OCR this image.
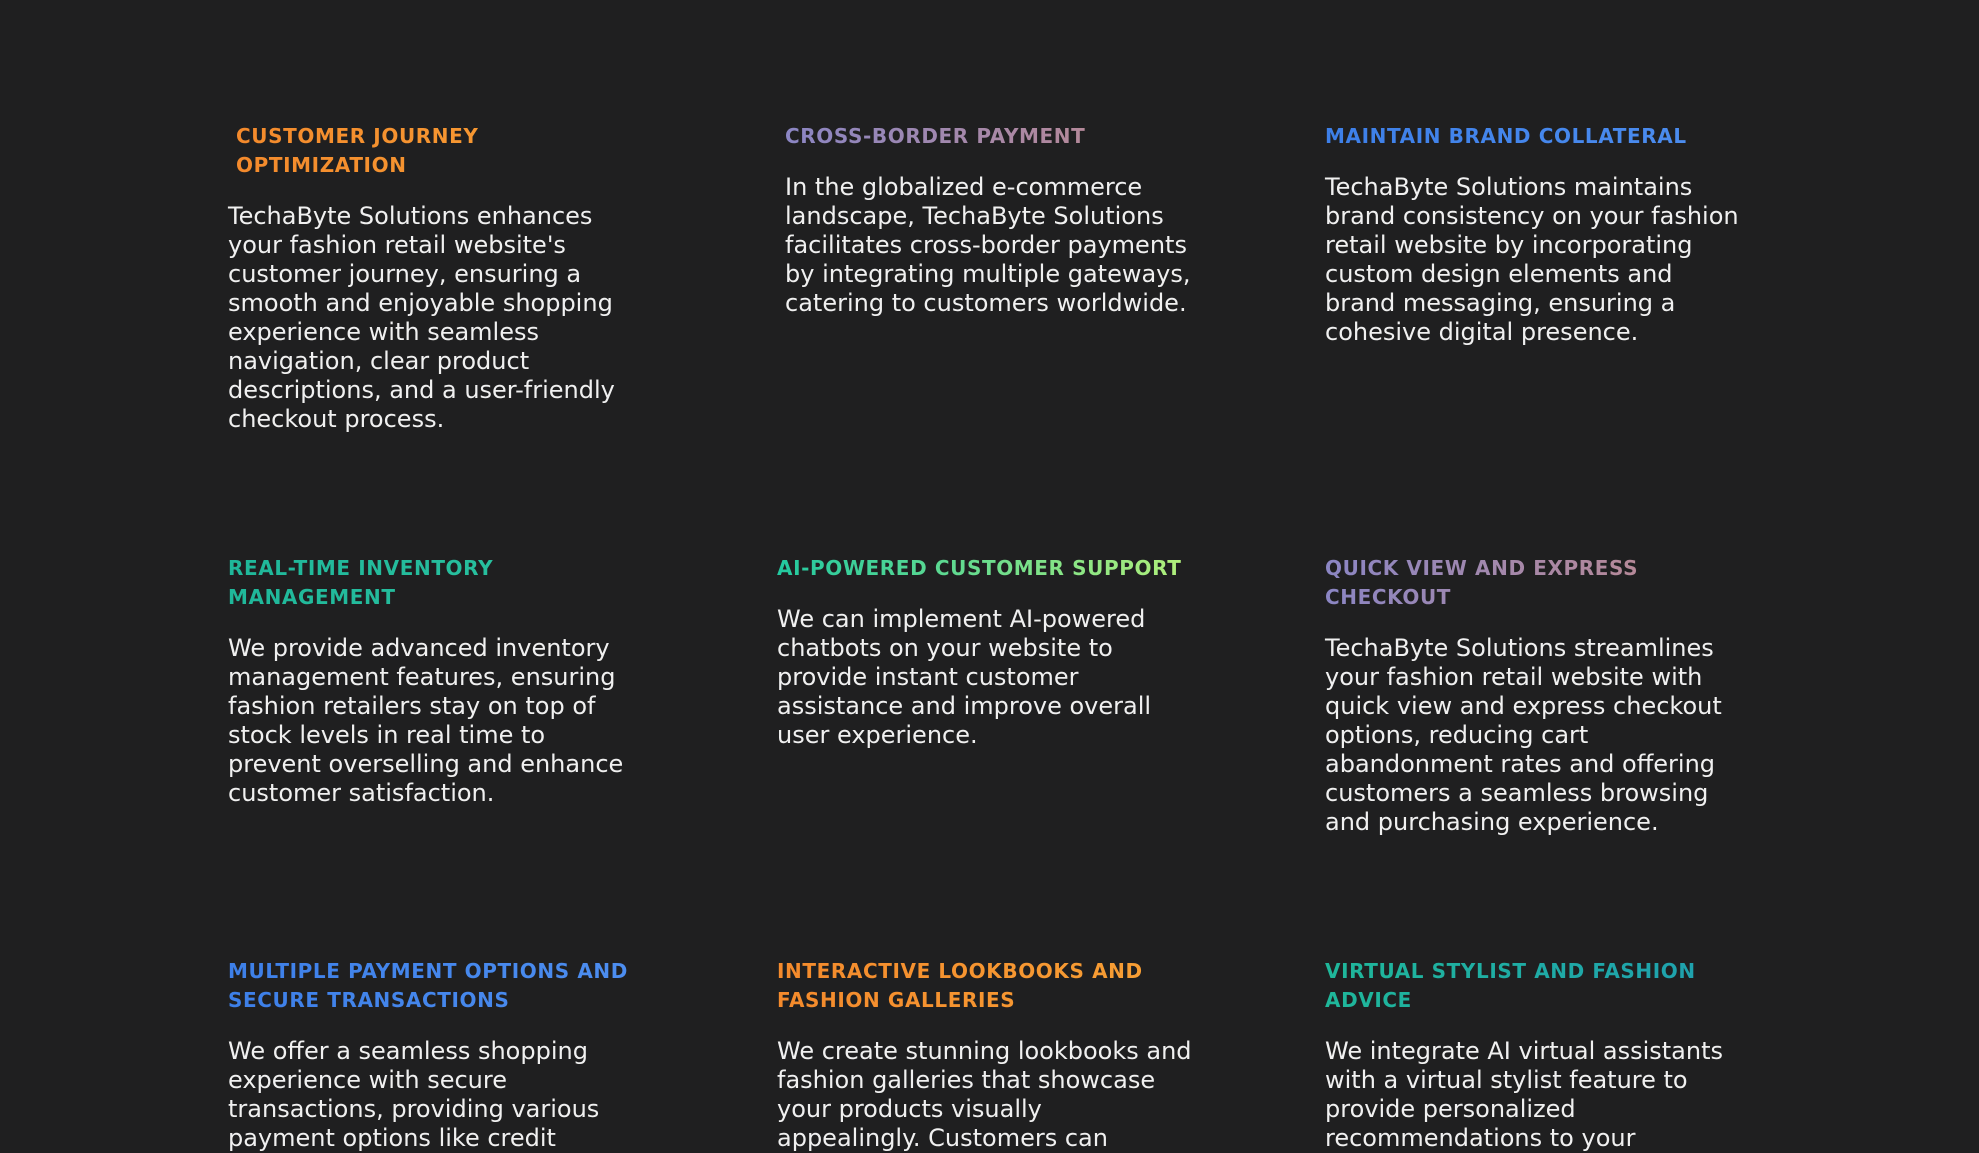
CUSTOMER JOURNEY OPTIMIZATION

TechaByte Solutions enhances your fashion retail website's customer journey, ensuring a smooth and enjoyable shopping experience with seamless navigation, clear product descriptions, and a user-friendly checkout process.

CROSS-BORDER PAYMENT

In the globalized e-commerce landscape, TechaByte Solutions facilitates cross-border payments by integrating multiple gateways, catering to customers worldwide.

MAINTAIN BRAND COLLATERAL

TechaByte Solutions maintains brand consistency on your fashion retail website by incorporating custom design elements and brand messaging, ensuring a cohesive digital presence.

REAL-TIME INVENTORY MANAGEMENT

We provide advanced inventory management features, ensuring fashion retailers stay on top of stock levels in real time to prevent overselling and enhance customer satisfaction.

AI-POWERED CUSTOMER SUPPORT

We can implement AI-powered chatbots on your website to provide instant customer assistance and improve overall user experience.

QUICK VIEW AND EXPRESS CHECKOUT

TechaByte Solutions streamlines your fashion retail website with quick view and express checkout options, reducing cart abandonment rates and offering customers a seamless browsing and purchasing experience.

MULTIPLE PAYMENT OPTIONS AND SECURE TRANSACTIONS

We offer a seamless shopping experience with secure transactions, providing various payment options like credit

INTERACTIVE LOOKBOOKS AND FASHION GALLERIES

We create stunning lookbooks and fashion galleries that showcase your products visually appealingly. Customers can

VIRTUAL STYLIST AND FASHION ADVICE

We integrate AI virtual assistants with a virtual stylist feature to provide personalized recommendations to your
